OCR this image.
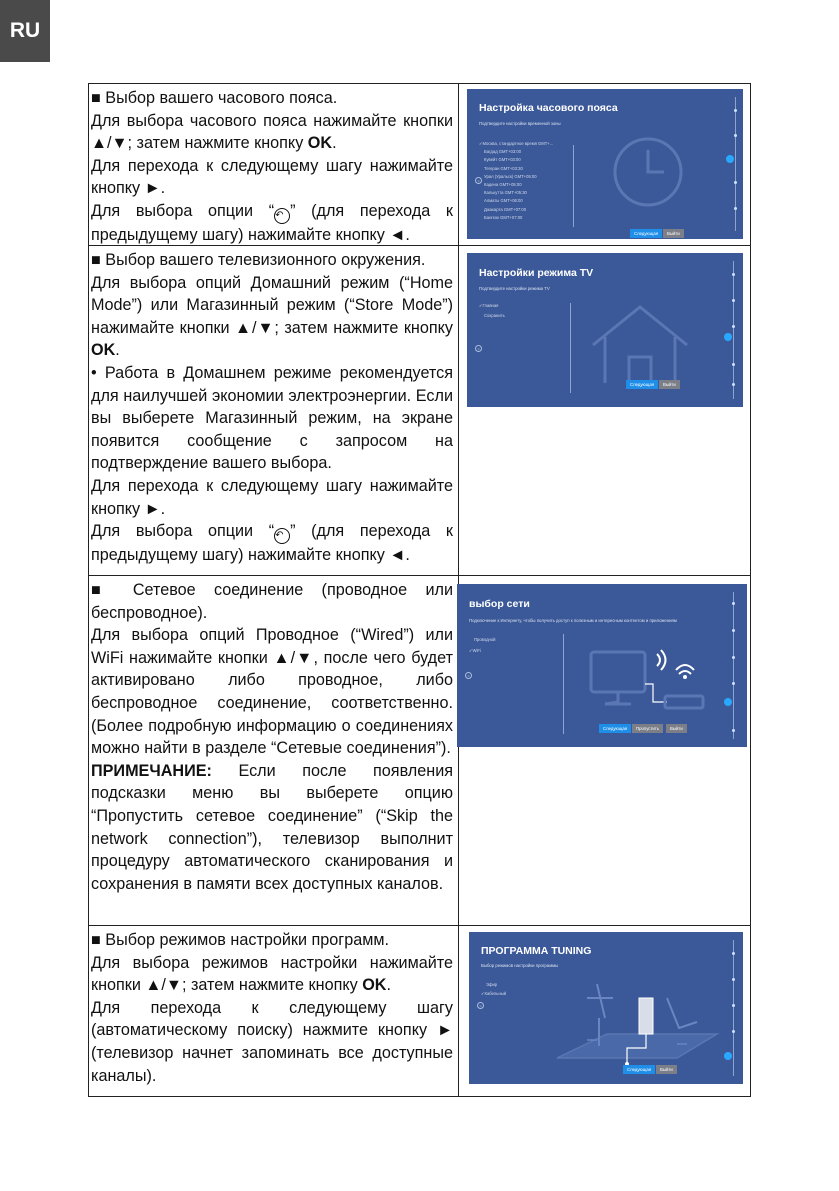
RU

■ Выбор вашего часового пояса.

Для выбора часового пояса нажимайте кнопки ▲/▼; затем нажмите кнопку OK.

Для перехода к следующему шагу нажимайте кнопку ►.

Для выбора опции “↶ ” (для перехода к предыдущему шагу) нажимайте кнопку ◄.

Настройка часового пояса
Подтвердите настройки временной зоны
<
Следующая	Выйти
✓ Москва, стандартное время GMT+...
Багдад GMT+03:00
Кувейт GMT+03:00
Тегеран GMT+03:30
Урал (Уральск) GMT+05:00
Кадена GMT+05:00
Калькутта GMT+05:30
Алматы GMT+06:00
Джакарта GMT+07:00
Бангкок GMT+07:00

■ Выбор вашего телевизионного окружения.

Для выбора опций Домашний режим (“Home Mode”) или Магазинный режим (“Store Mode”) нажимайте кнопки ▲/▼; затем нажмите кнопку OK.

• Работа в Домашнем режиме рекомендуется для наилучшей экономии электроэнергии. Если вы выберете Магазинный режим, на экране появится сообщение с запросом на подтверждение вашего выбора.

Для перехода к следующему шагу нажимайте кнопку ►.

Для выбора опции “↶ ” (для перехода к предыдущему шагу) нажимайте кнопку ◄.

Настройки режима TV
Подтвердите настройки режима TV
<
Следующая	Выйти
✓ Главная
Сохранить

■ Сетевое соединение (проводное или беспроводное).

Для выбора опций Проводное (“Wired”) или WiFi нажимайте кнопки ▲/▼, после чего будет активировано либо проводное, либо беспроводное соединение, соответственно. (Более подробную информацию о соединениях можно найти в разделе “Сетевые соединения”).

ПРИМЕЧАНИЕ: Если после появления подсказки меню вы выберете опцию “Пропустить сетевое соединение” (“Skip the network connection”), телевизор выполнит процедуру автоматического сканирования и сохранения в памяти всех доступных каналов.

выбор сети
Подключение к Интернету, чтобы получить доступ к полезным и интересным контентом и приложениям
<
Следующая	Пропустить	Выйти
Проводной
✓ WiFi

■ Выбор режимов настройки программ.

Для выбора режимов настройки нажимайте кнопки ▲/▼; затем нажмите кнопку OK.

Для перехода к следующему шагу (автоматическому поиску) нажмите кнопку ► (телевизор начнет запоминать все доступные каналы).

ПРОГРАММА TUNING
Выбор режимов настройки программы
<
Следующая	Выйти
Эфир
✓ Кабельный
